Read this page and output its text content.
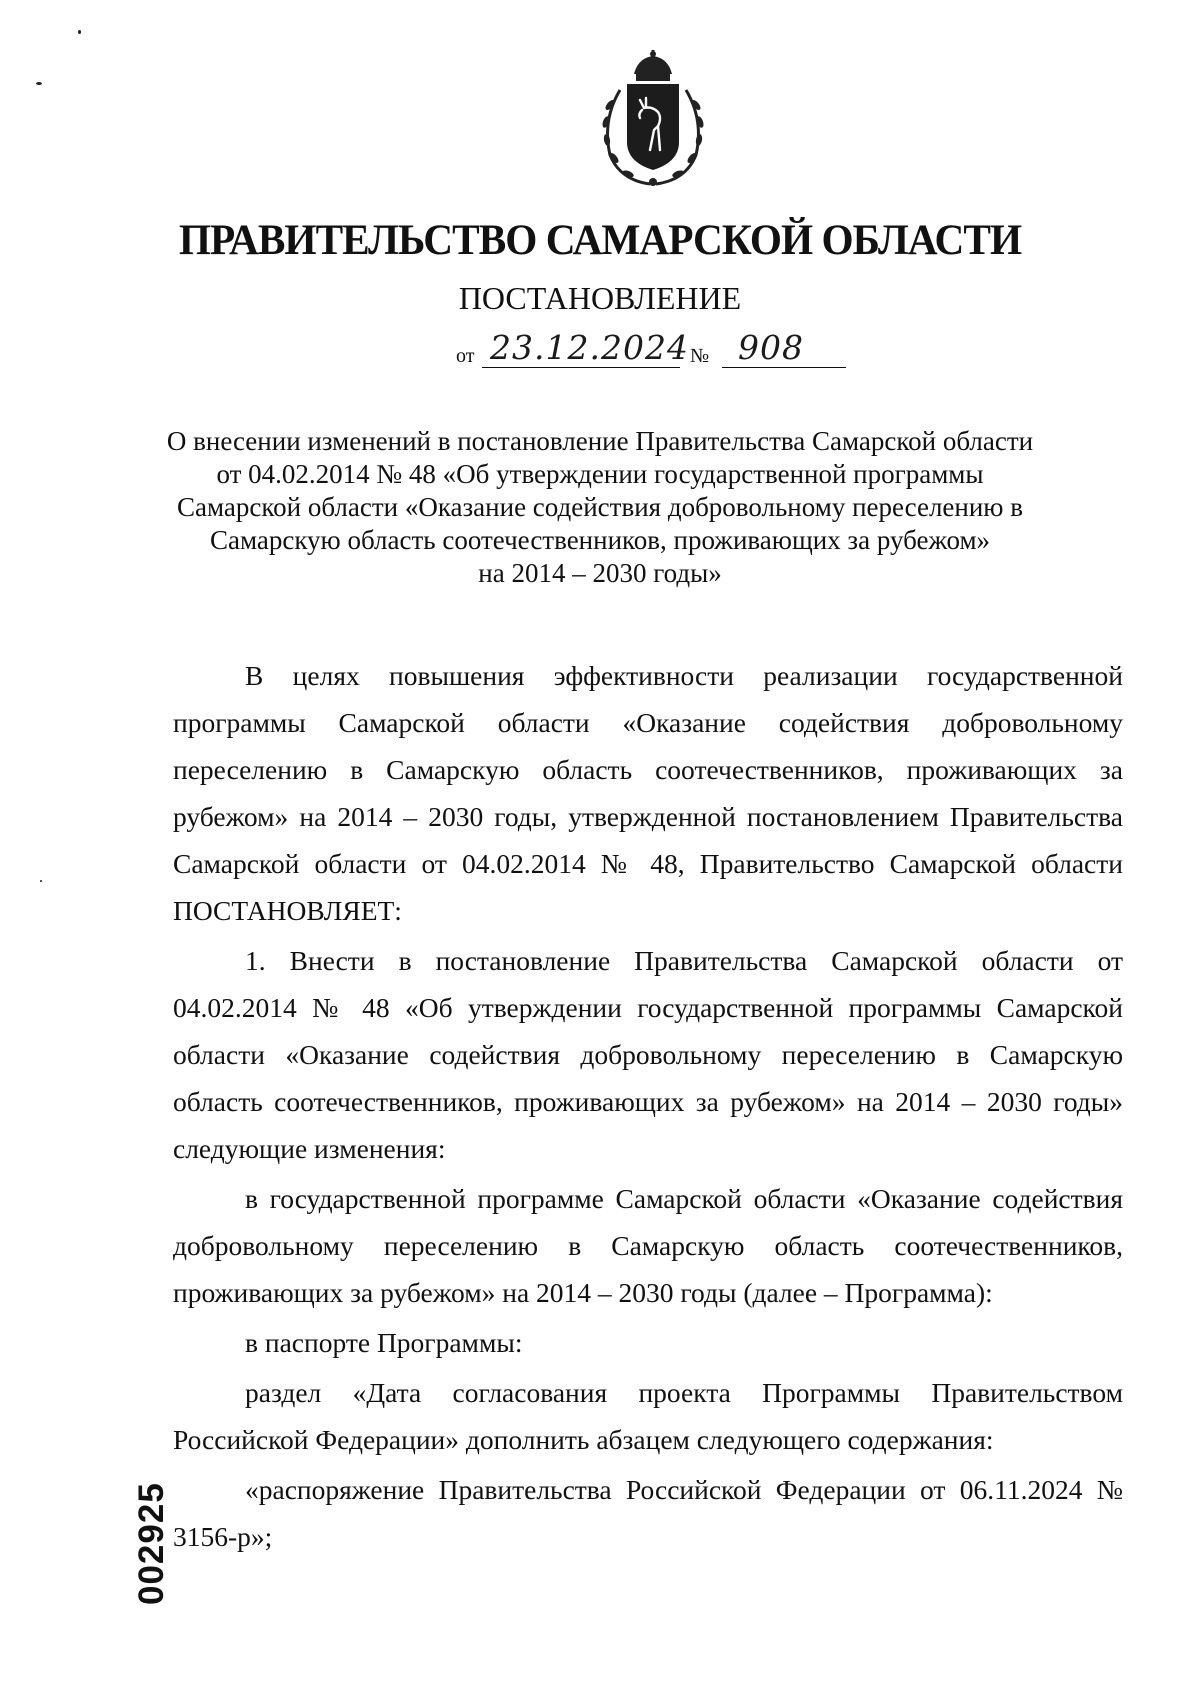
ПРАВИТЕЛЬСТВО САМАРСКОЙ ОБЛАСТИ
ПОСТАНОВЛЕНИЕ
от 23.12.2024 № 908
О внесении изменений в постановление Правительства Самарской области
от 04.02.2014 № 48 «Об утверждении государственной программы
Самарской области «Оказание содействия добровольному переселению в
Самарскую область соотечественников, проживающих за рубежом»
на 2014 – 2030 годы»

В целях повышения эффективности реализации государственной программы Самарской области «Оказание содействия добровольному переселению в Самарскую область соотечественников, проживающих за рубежом» на 2014 – 2030 годы, утвержденной постановлением Правительства Самарской области от 04.02.2014 № 48, Правительство Самарской области ПОСТАНОВЛЯЕТ:

1. Внести в постановление Правительства Самарской области от 04.02.2014 № 48 «Об утверждении государственной программы Самарской области «Оказание содействия добровольному переселению в Самарскую область соотечественников, проживающих за рубежом» на 2014 – 2030 годы» следующие изменения:

в государственной программе Самарской области «Оказание содействия добровольному переселению в Самарскую область соотечественников, проживающих за рубежом» на 2014 – 2030 годы (далее – Программа):

в паспорте Программы:

раздел «Дата согласования проекта Программы Правительством Российской Федерации» дополнить абзацем следующего содержания:

«распоряжение Правительства Российской Федерации от 06.11.2024 № 3156-р»;

002925
